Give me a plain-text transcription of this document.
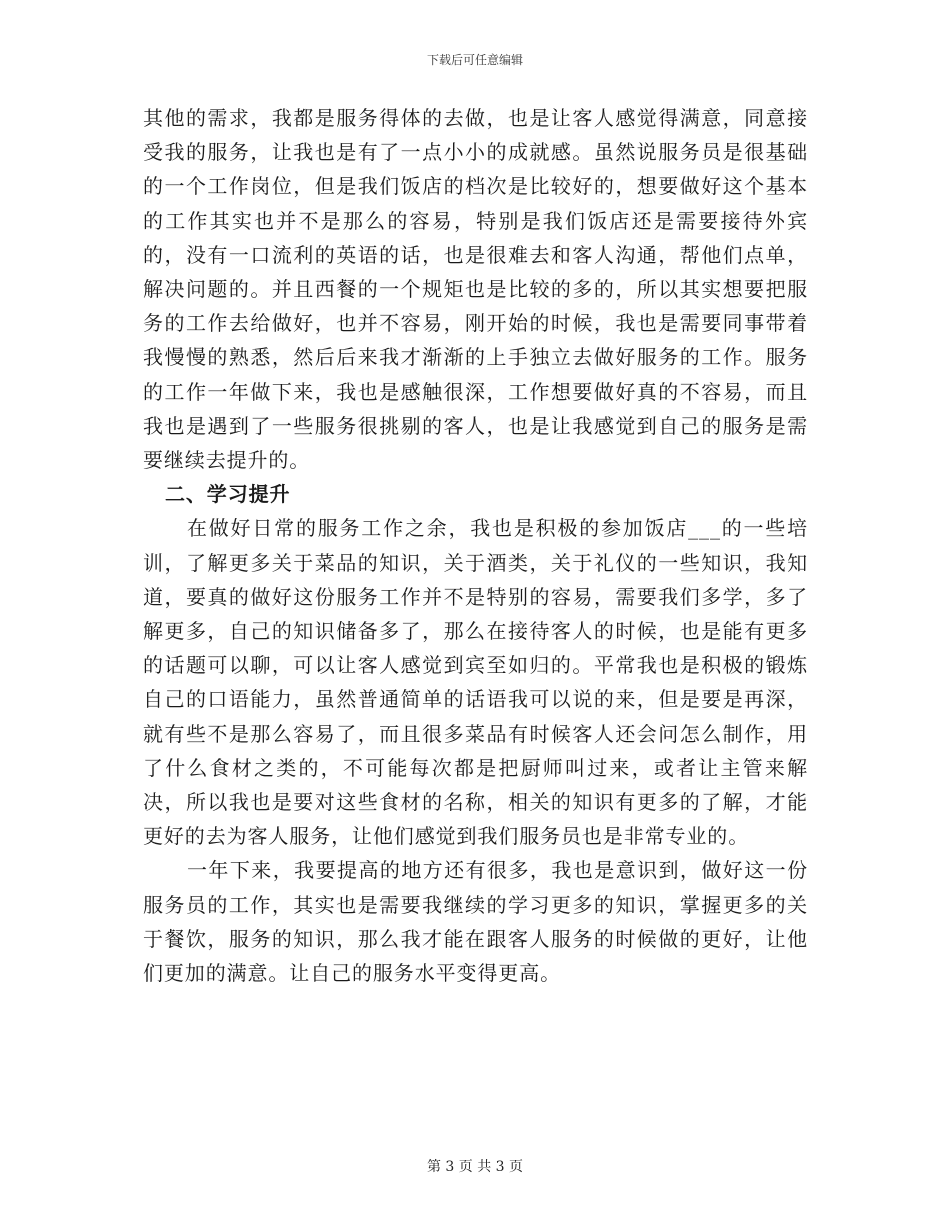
下载后可任意编辑

其他的需求，我都是服务得体的去做，也是让客人感觉得满意，同意接受我的服务，让我也是有了一点小小的成就感。虽然说服务员是很基础的一个工作岗位，但是我们饭店的档次是比较好的，想要做好这个基本的工作其实也并不是那么的容易，特别是我们饭店还是需要接待外宾的，没有一口流利的英语的话，也是很难去和客人沟通，帮他们点单，解决问题的。并且西餐的一个规矩也是比较的多的，所以其实想要把服务的工作去给做好，也并不容易，刚开始的时候，我也是需要同事带着我慢慢的熟悉，然后后来我才渐渐的上手独立去做好服务的工作。服务的工作一年做下来，我也是感触很深，工作想要做好真的不容易，而且我也是遇到了一些服务很挑剔的客人，也是让我感觉到自己的服务是需要继续去提升的。

二、学习提升

在做好日常的服务工作之余，我也是积极的参加饭店___的一些培训，了解更多关于菜品的知识，关于酒类，关于礼仪的一些知识，我知道，要真的做好这份服务工作并不是特别的容易，需要我们多学，多了解更多，自己的知识储备多了，那么在接待客人的时候，也是能有更多的话题可以聊，可以让客人感觉到宾至如归的。平常我也是积极的锻炼自己的口语能力，虽然普通简单的话语我可以说的来，但是要是再深，就有些不是那么容易了，而且很多菜品有时候客人还会问怎么制作，用了什么食材之类的，不可能每次都是把厨师叫过来，或者让主管来解决，所以我也是要对这些食材的名称，相关的知识有更多的了解，才能更好的去为客人服务，让他们感觉到我们服务员也是非常专业的。

一年下来，我要提高的地方还有很多，我也是意识到，做好这一份服务员的工作，其实也是需要我继续的学习更多的知识，掌握更多的关于餐饮，服务的知识，那么我才能在跟客人服务的时候做的更好，让他们更加的满意。让自己的服务水平变得更高。

第 3 页 共 3 页
